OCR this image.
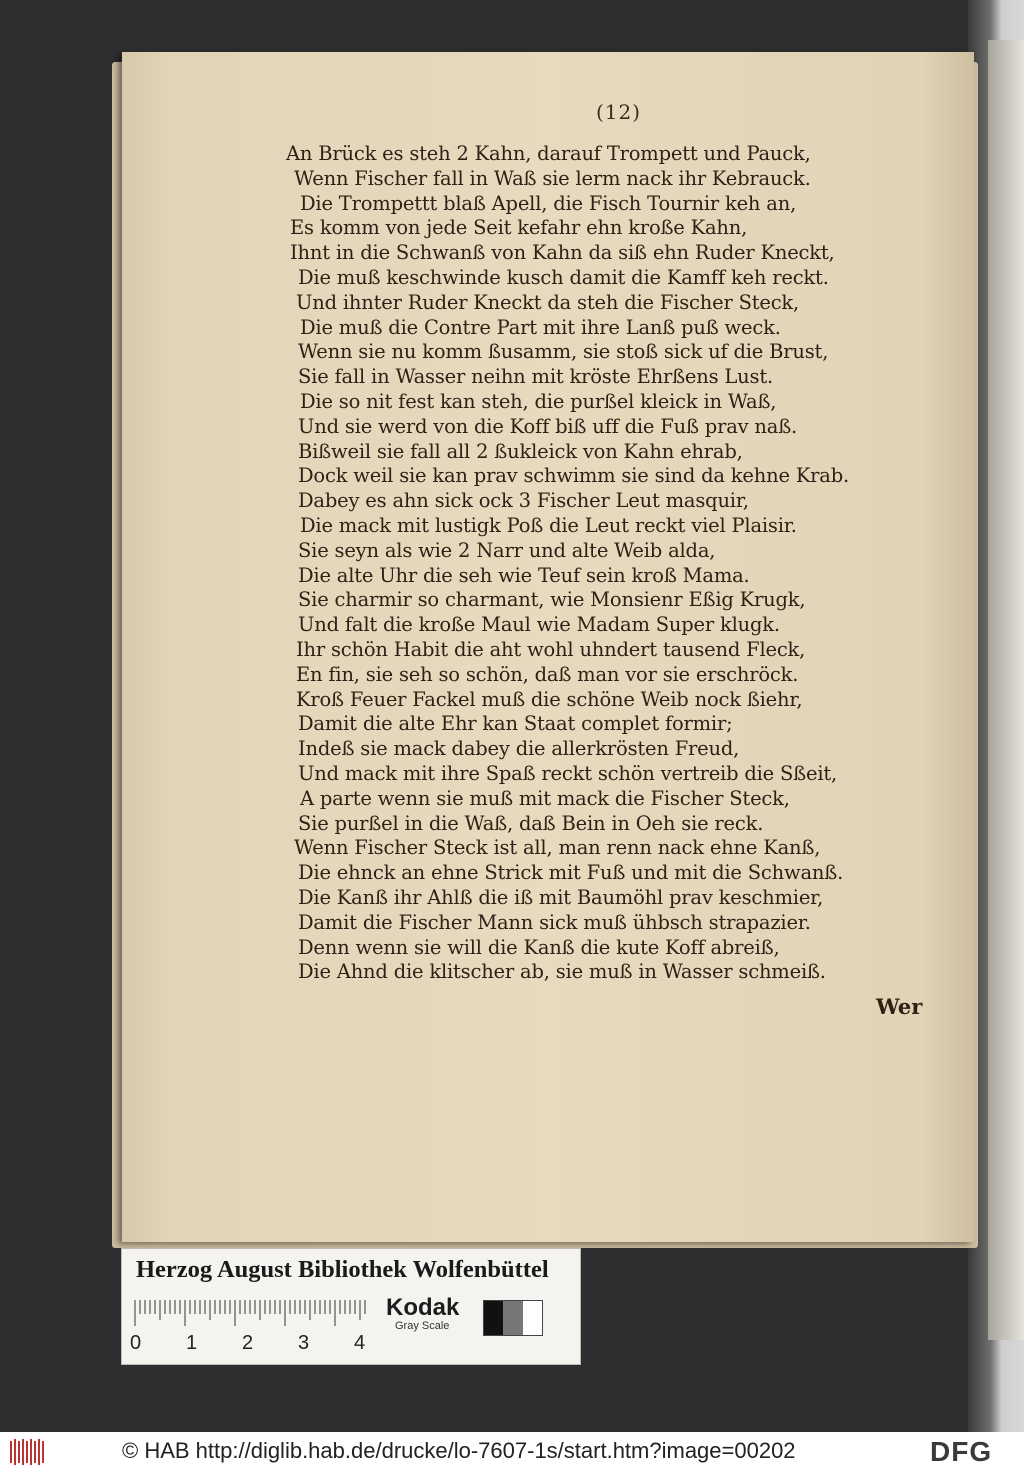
(12)
An Brück es steh 2 Kahn, darauf Trompett und Pauck,
Wenn Fischer fall in Waß sie lerm nack ihr Kebrauck.
Die Trompettt blaß Apell, die Fisch Tournir keh an,
Es komm von jede Seit kefahr ehn kroße Kahn,
Ihnt in die Schwanß von Kahn da siß ehn Ruder Kneckt,
Die muß keschwinde kusch damit die Kamff keh reckt.
Und ihnter Ruder Kneckt da steh die Fischer Steck,
Die muß die Contre Part mit ihre Lanß puß weck.
Wenn sie nu komm ßusamm, sie stoß sick uf die Brust,
Sie fall in Wasser neihn mit kröste Ehrßens Lust.
Die so nit fest kan steh, die purßel kleick in Waß,
Und sie werd von die Koff biß uff die Fuß prav naß.
Bißweil sie fall all 2 ßukleick von Kahn ehrab,
Dock weil sie kan prav schwimm sie sind da kehne Krab.
Dabey es ahn sick ock 3 Fischer Leut masquir,
Die mack mit lustigk Poß die Leut reckt viel Plaisir.
Sie seyn als wie 2 Narr und alte Weib alda,
Die alte Uhr die seh wie Teuf sein kroß Mama.
Sie charmir so charmant, wie Monsienr Eßig Krugk,
Und falt die kroße Maul wie Madam Super klugk.
Ihr schön Habit die aht wohl uhndert tausend Fleck,
En fin, sie seh so schön, daß man vor sie erschröck.
Kroß Feuer Fackel muß die schöne Weib nock ßiehr,
Damit die alte Ehr kan Staat complet formir;
Indeß sie mack dabey die allerkrösten Freud,
Und mack mit ihre Spaß reckt schön vertreib die Sßeit,
A parte wenn sie muß mit mack die Fischer Steck,
Sie purßel in die Waß, daß Bein in Oeh sie reck.
Wenn Fischer Steck ist all, man renn nack ehne Kanß,
Die ehnck an ehne Strick mit Fuß und mit die Schwanß.
Die Kanß ihr Ahlß die iß mit Baumöhl prav keschmier,
Damit die Fischer Mann sick muß ühbsch strapazier.
Denn wenn sie will die Kanß die kute Koff abreiß,
Die Ahnd die klitscher ab, sie muß in Wasser schmeiß.
Wer
Herzog August Bibliothek Wolfenbüttel
0 1 2 3 4
Kodak
Gray Scale
© HAB http://diglib.hab.de/drucke/lo-7607-1s/start.htm?image=00202	DFG
